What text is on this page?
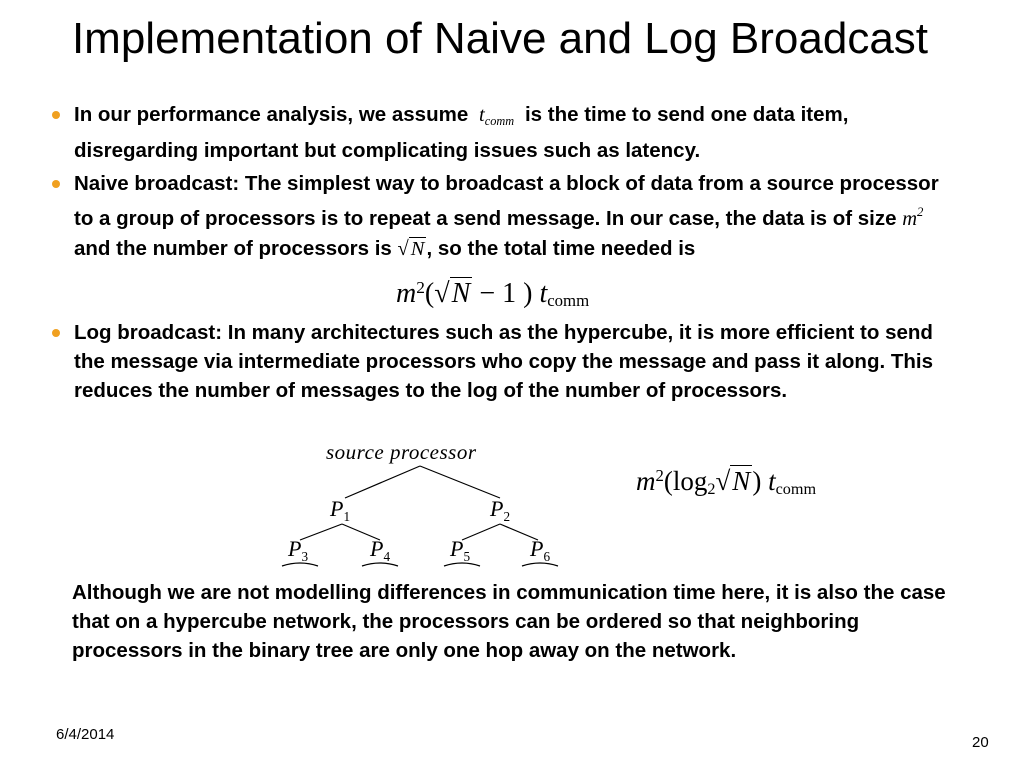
Implementation of Naive and Log Broadcast

In our performance analysis, we assume $t_{comm}$ is the time to send one data item, disregarding important but complicating issues such as latency.

Naive broadcast: The simplest way to broadcast a block of data from a source processor to a group of processors is to repeat a send message. In our case, the data is of size $m^2$ and the number of processors is √N, so the total time needed is

$m^2(√N - 1$ ) $t_{comm}$

Log broadcast: In many architectures such as the hypercube, it is more efficient to send the message via intermediate processors who copy the message and pass it along. This reduces the number of messages to the log of the number of processors.

source processor
$P_1$	$P_2$
$P_3$	$P_4$	$P_5$	$P_6$
$m^2(\log_2√N)$ $t_{comm}$

Although we are not modelling differences in communication time here, it is also the case that on a hypercube network, the processors can be ordered so that neighboring processors in the binary tree are only one hop away on the network.

6/4/2014	20
